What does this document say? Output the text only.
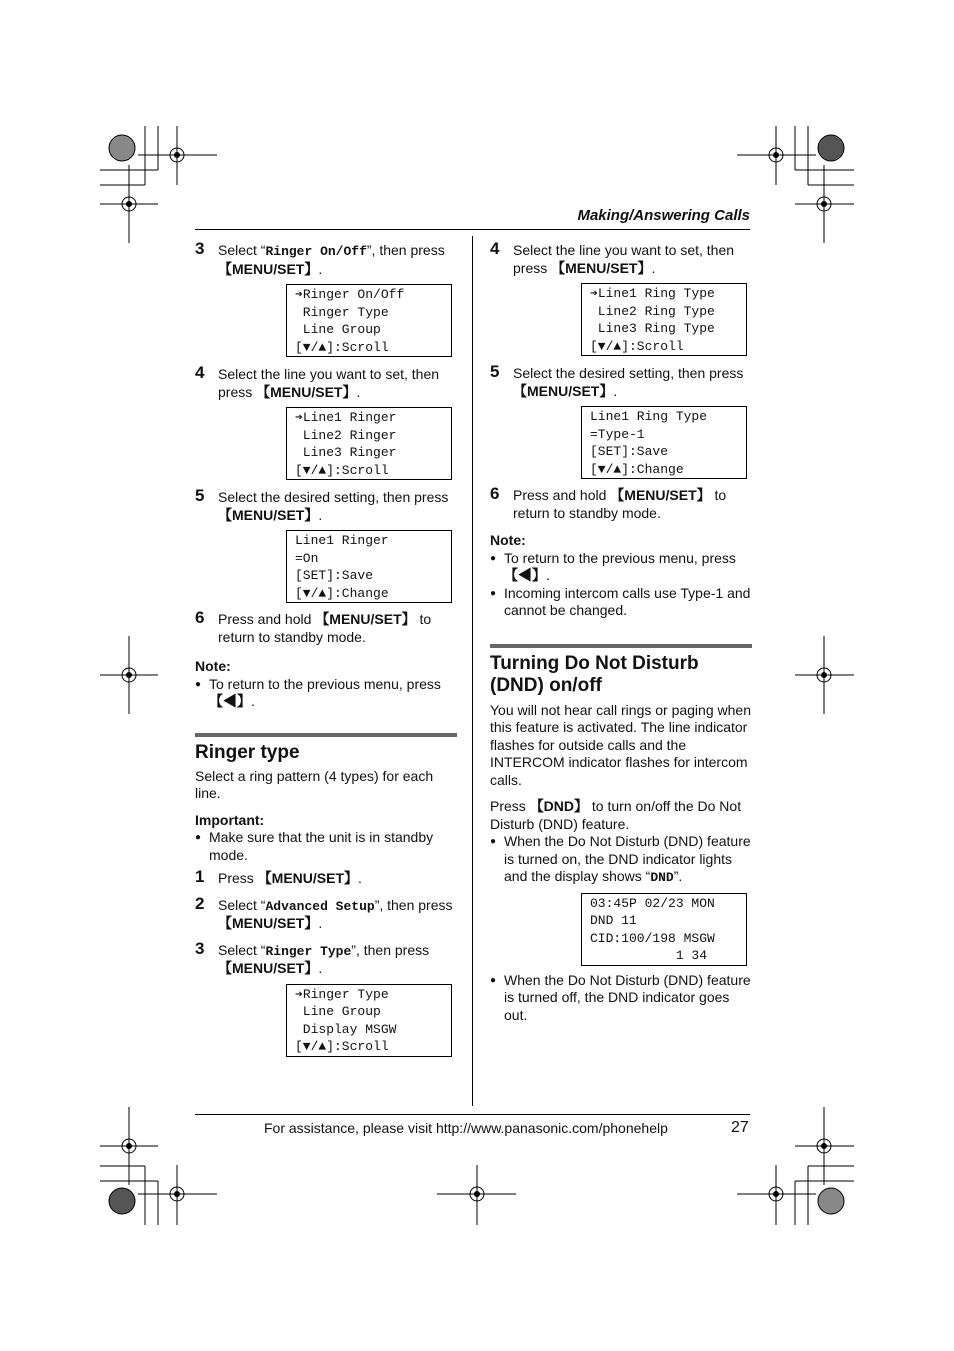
Making/Answering Calls
3 Select “Ringer On/Off”, then press 【MENU/SET】.
➔Ringer On/Off
Ringer Type
Line Group
[▼/▲]:Scroll
4 Select the line you want to set, then press 【MENU/SET】.
➔Line1 Ringer
Line2 Ringer
Line3 Ringer
[▼/▲]:Scroll
5 Select the desired setting, then press 【MENU/SET】.
Line1 Ringer
=On
[SET]:Save
[▼/▲]:Change
6 Press and hold 【MENU/SET】 to return to standby mode.
Note:
● To return to the previous menu, press 【◀】.
Ringer type
Select a ring pattern (4 types) for each line.
Important:
● Make sure that the unit is in standby mode.
1 Press 【MENU/SET】.
2 Select “Advanced Setup”, then press 【MENU/SET】.
3 Select “Ringer Type”, then press 【MENU/SET】.
➔Ringer Type
Line Group
Display MSGW
[▼/▲]:Scroll
4 Select the line you want to set, then press 【MENU/SET】.
➔Line1 Ring Type
Line2 Ring Type
Line3 Ring Type
[▼/▲]:Scroll
5 Select the desired setting, then press 【MENU/SET】.
Line1 Ring Type
=Type-1
[SET]:Save
[▼/▲]:Change
6 Press and hold 【MENU/SET】 to return to standby mode.
Note:
● To return to the previous menu, press 【◀】.
● Incoming intercom calls use Type-1 and cannot be changed.
Turning Do Not Disturb (DND) on/off
You will not hear call rings or paging when this feature is activated. The line indicator flashes for outside calls and the INTERCOM indicator flashes for intercom calls.
Press 【DND】 to turn on/off the Do Not Disturb (DND) feature.
● When the Do Not Disturb (DND) feature is turned on, the DND indicator lights and the display shows “DND”.
03:45P 02/23 MON
DND 11
CID:100/198 MSGW
1 34
● When the Do Not Disturb (DND) feature is turned off, the DND indicator goes out.
For assistance, please visit http://www.panasonic.com/phonehelp	27
